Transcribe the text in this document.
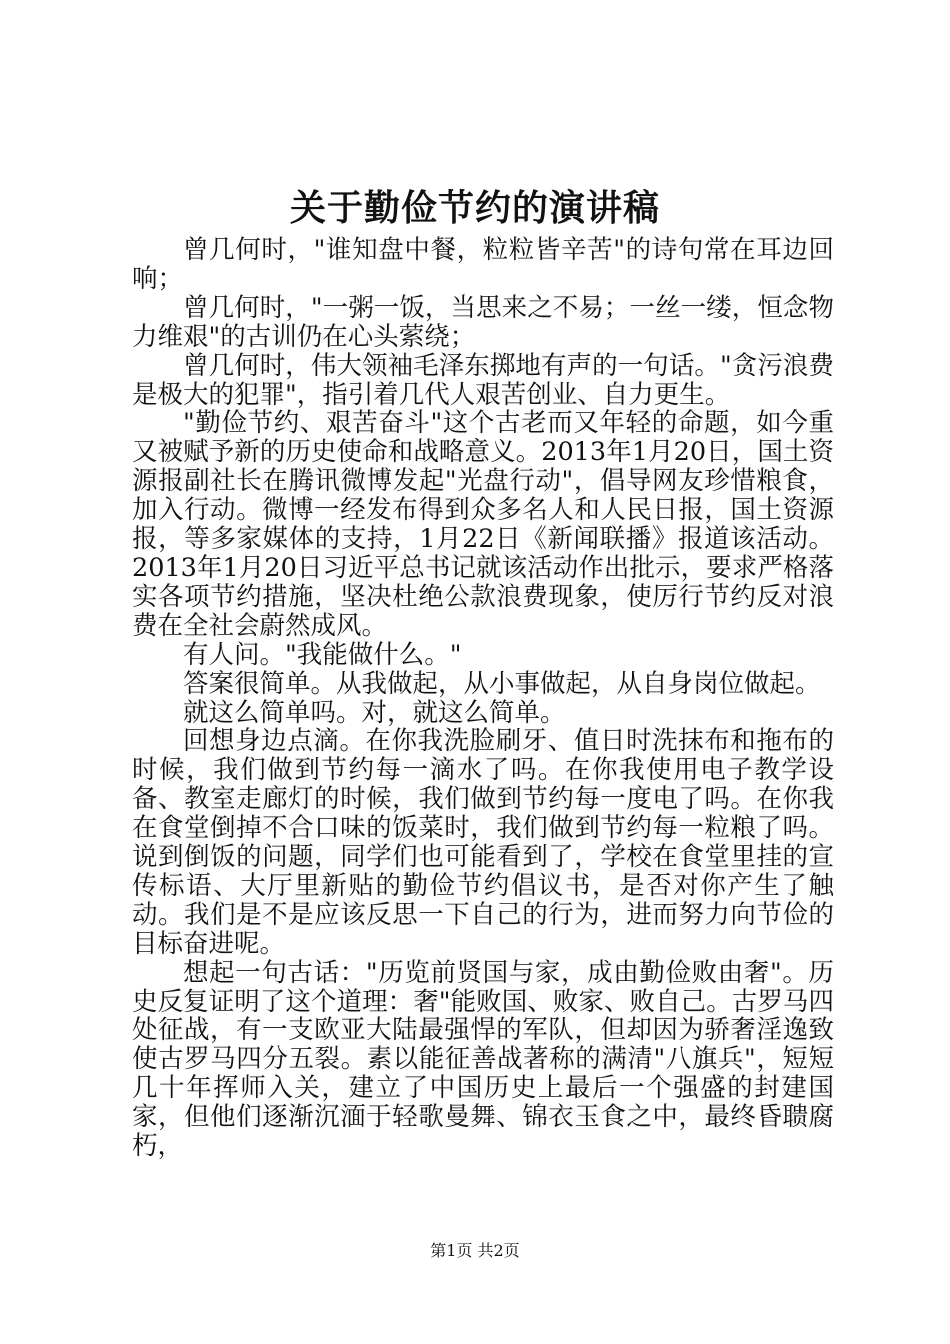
关于勤俭节约的演讲稿

曾几何时，"谁知盘中餐，粒粒皆辛苦"的诗句常在耳边回响；

曾几何时，"一粥一饭，当思来之不易；一丝一缕，恒念物力维艰"的古训仍在心头萦绕；

曾几何时，伟大领袖毛泽东掷地有声的一句话。"贪污浪费是极大的犯罪"，指引着几代人艰苦创业、自力更生。

"勤俭节约、艰苦奋斗"这个古老而又年轻的命题，如今重又被赋予新的历史使命和战略意义。2013年1月20日，国土资源报副社长在腾讯微博发起"光盘行动"，倡导网友珍惜粮食，加入行动。微博一经发布得到众多名人和人民日报，国土资源报，等多家媒体的支持，1月22日《新闻联播》报道该活动。2013年1月20日习近平总书记就该活动作出批示，要求严格落实各项节约措施，坚决杜绝公款浪费现象，使厉行节约反对浪费在全社会蔚然成风。

有人问。"我能做什么。"

答案很简单。从我做起，从小事做起，从自身岗位做起。

就这么简单吗。对，就这么简单。

回想身边点滴。在你我洗脸刷牙、值日时洗抹布和拖布的时候，我们做到节约每一滴水了吗。在你我使用电子教学设备、教室走廊灯的时候，我们做到节约每一度电了吗。在你我在食堂倒掉不合口味的饭菜时，我们做到节约每一粒粮了吗。说到倒饭的问题，同学们也可能看到了，学校在食堂里挂的宣传标语、大厅里新贴的勤俭节约倡议书，是否对你产生了触动。我们是不是应该反思一下自己的行为，进而努力向节俭的目标奋进呢。

想起一句古话："历览前贤国与家，成由勤俭败由奢"。历史反复证明了这个道理：奢"能败国、败家、败自己。古罗马四处征战，有一支欧亚大陆最强悍的军队，但却因为骄奢淫逸致使古罗马四分五裂。素以能征善战著称的满清"八旗兵"，短短几十年挥师入关，建立了中国历史上最后一个强盛的封建国家，但他们逐渐沉湎于轻歌曼舞、锦衣玉食之中，最终昏聩腐朽，

第1页 共2页
